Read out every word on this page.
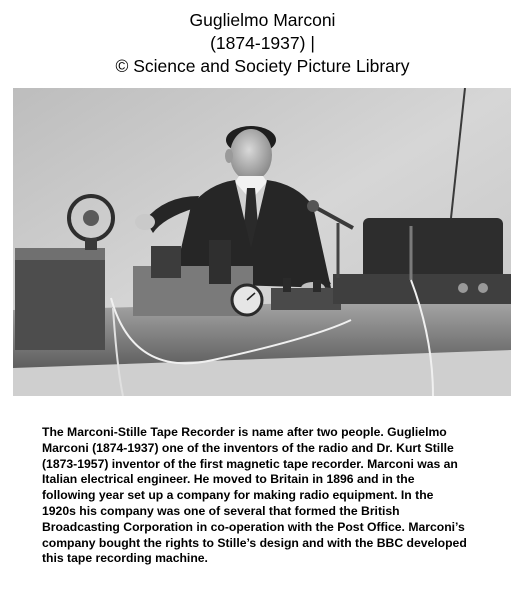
Guglielmo Marconi
(1874-1937) |
© Science and Society Picture Library
The Marconi-Stille Tape Recorder is name after two people. Guglielmo
Marconi (1874-1937) one of the inventors of the radio and Dr. Kurt Stille
(1873-1957) inventor of the first magnetic tape recorder. Marconi was an
Italian electrical engineer. He moved to Britain in 1896 and in the
following year set up a company for making radio equipment. In the
1920s his company was one of several that formed the British
Broadcasting Corporation in co-operation with the Post Office. Marconi’s
company bought the rights to Stille’s design and with the BBC developed
this tape recording machine.
